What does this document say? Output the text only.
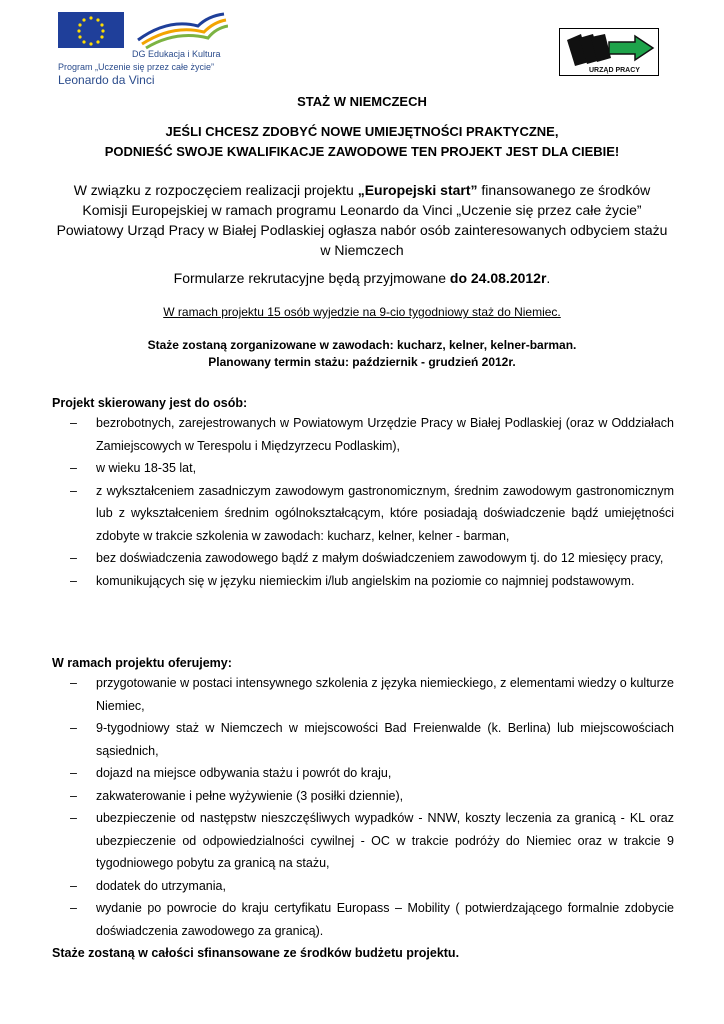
DG Edukacja i Kultura
Program „Uczenie się przez całe życie”
Leonardo da Vinci
URZĄD PRACY
STAŻ W NIEMCZECH
JEŚLI CHCESZ ZDOBYĆ NOWE UMIEJĘTNOŚCI PRAKTYCZNE,
PODNIEŚĆ SWOJE KWALIFIKACJE ZAWODOWE TEN PROJEKT JEST DLA CIEBIE!
W związku z rozpoczęciem realizacji projektu „Europejski start” finansowanego ze środków Komisji Europejskiej w ramach programu Leonardo da Vinci „Uczenie się przez całe życie” Powiatowy Urząd Pracy w Białej Podlaskiej ogłasza nabór osób zainteresowanych odbyciem stażu w Niemczech
Formularze rekrutacyjne będą przyjmowane do 24.08.2012r.
W ramach projektu 15 osób wyjedzie na 9-cio tygodniowy staż do Niemiec.
Staże zostaną zorganizowane w zawodach: kucharz, kelner, kelner-barman.
Planowany termin stażu: październik - grudzień 2012r.
Projekt skierowany jest do osób:
– bezrobotnych, zarejestrowanych w Powiatowym Urzędzie Pracy w Białej Podlaskiej (oraz w Oddziałach Zamiejscowych w Terespolu i Międzyrzecu Podlaskim),
– w wieku 18-35 lat,
– z wykształceniem zasadniczym zawodowym gastronomicznym, średnim zawodowym gastronomicznym lub z wykształceniem średnim ogólnokształcącym, które posiadają doświadczenie bądź umiejętności zdobyte w trakcie szkolenia w zawodach: kucharz, kelner, kelner - barman,
– bez doświadczenia zawodowego bądź z małym doświadczeniem zawodowym tj. do 12 miesięcy pracy,
– komunikujących się w języku niemieckim i/lub angielskim na poziomie co najmniej podstawowym.
W ramach projektu oferujemy:
– przygotowanie w postaci intensywnego szkolenia z języka niemieckiego, z elementami wiedzy o kulturze Niemiec,
– 9-tygodniowy staż w Niemczech w miejscowości Bad Freienwalde (k. Berlina) lub miejscowościach sąsiednich,
– dojazd na miejsce odbywania stażu i powrót do kraju,
– zakwaterowanie i pełne wyżywienie (3 posiłki dziennie),
– ubezpieczenie od następstw nieszczęśliwych wypadków - NNW, koszty leczenia za granicą - KL oraz ubezpieczenie od odpowiedzialności cywilnej - OC w trakcie podróży do Niemiec oraz w trakcie 9 tygodniowego pobytu za granicą na stażu,
– dodatek do utrzymania,
– wydanie po powrocie do kraju certyfikatu Europass – Mobility ( potwierdzającego formalnie zdobycie doświadczenia zawodowego za granicą).
Staże zostaną w całości sfinansowane ze środków budżetu projektu.
